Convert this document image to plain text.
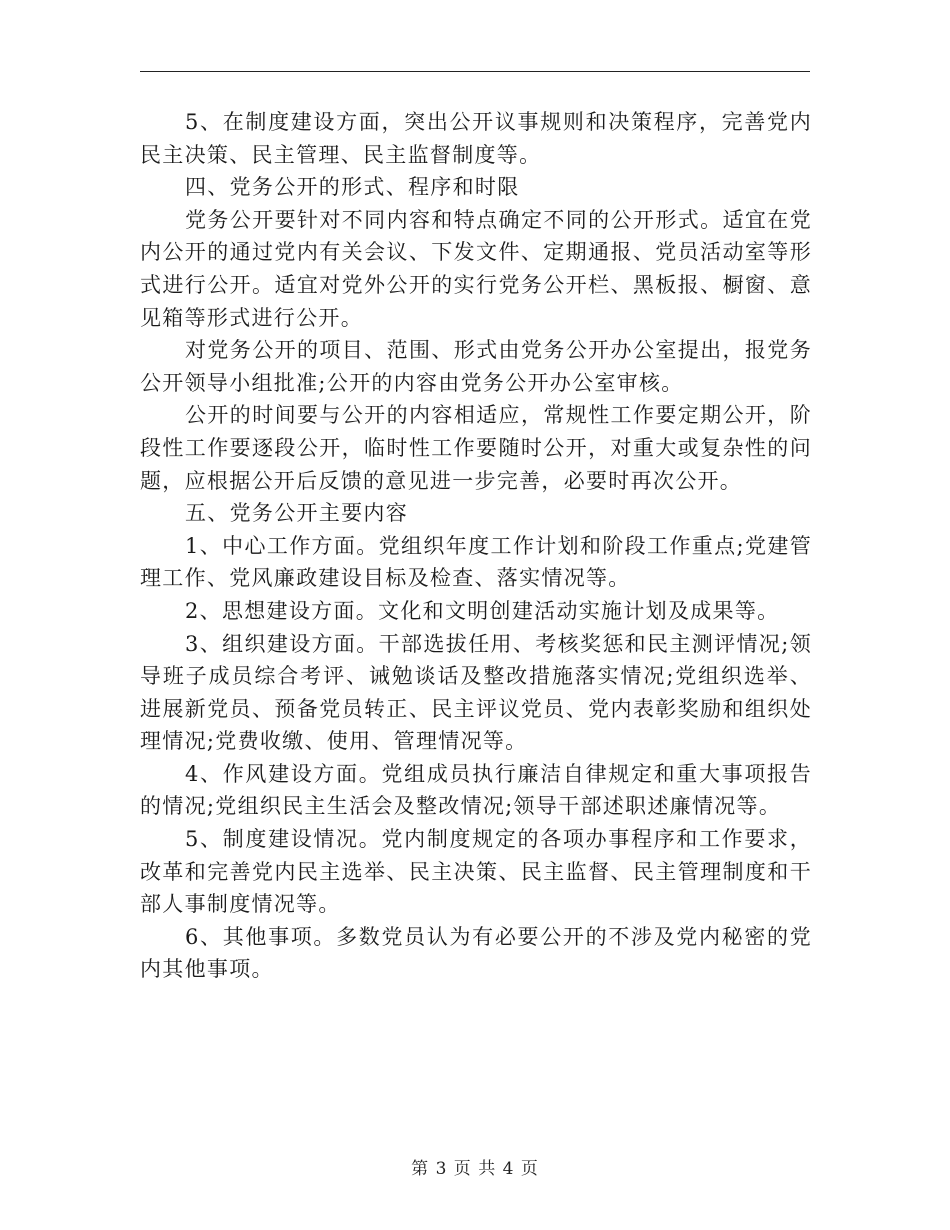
5、在制度建设方面，突出公开议事规则和决策程序，完善党内民主决策、民主管理、民主监督制度等。

四、党务公开的形式、程序和时限

党务公开要针对不同内容和特点确定不同的公开形式。适宜在党内公开的通过党内有关会议、下发文件、定期通报、党员活动室等形式进行公开。适宜对党外公开的实行党务公开栏、黑板报、橱窗、意见箱等形式进行公开。

对党务公开的项目、范围、形式由党务公开办公室提出，报党务公开领导小组批准;公开的内容由党务公开办公室审核。

公开的时间要与公开的内容相适应，常规性工作要定期公开，阶段性工作要逐段公开，临时性工作要随时公开，对重大或复杂性的问题，应根据公开后反馈的意见进一步完善，必要时再次公开。

五、党务公开主要内容

1、中心工作方面。党组织年度工作计划和阶段工作重点;党建管理工作、党风廉政建设目标及检查、落实情况等。

2、思想建设方面。文化和文明创建活动实施计划及成果等。

3、组织建设方面。干部选拔任用、考核奖惩和民主测评情况;领导班子成员综合考评、诫勉谈话及整改措施落实情况;党组织选举、进展新党员、预备党员转正、民主评议党员、党内表彰奖励和组织处理情况;党费收缴、使用、管理情况等。

4、作风建设方面。党组成员执行廉洁自律规定和重大事项报告的情况;党组织民主生活会及整改情况;领导干部述职述廉情况等。

5、制度建设情况。党内制度规定的各项办事程序和工作要求，改革和完善党内民主选举、民主决策、民主监督、民主管理制度和干部人事制度情况等。

6、其他事项。多数党员认为有必要公开的不涉及党内秘密的党内其他事项。

第 3 页 共 4 页
